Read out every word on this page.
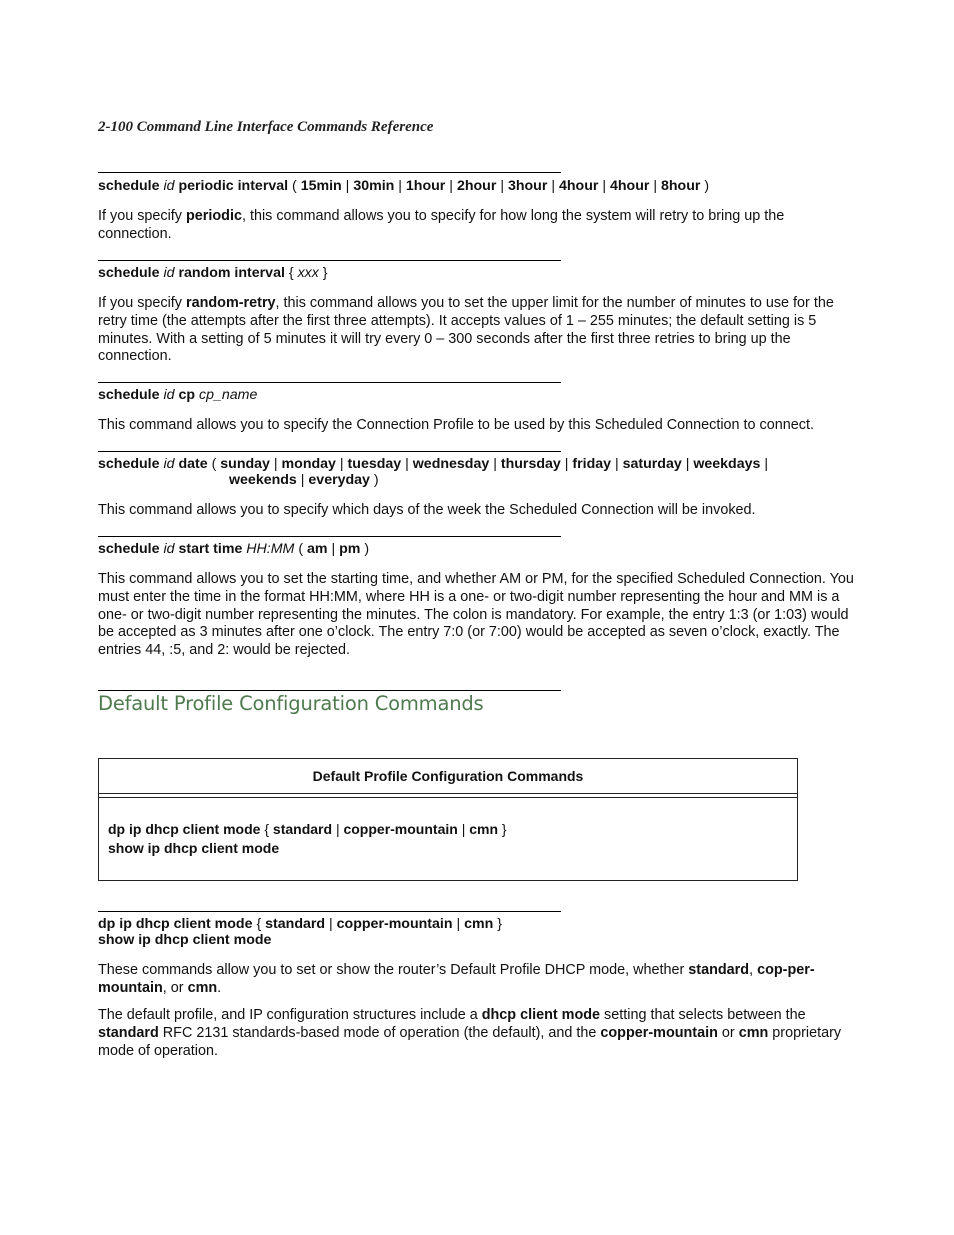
2-100 Command Line Interface Commands Reference
schedule id periodic interval ( 15min | 30min | 1hour | 2hour | 3hour | 4hour | 4hour | 8hour )
If you specify periodic, this command allows you to specify for how long the system will retry to bring up the connection.
schedule id random interval { xxx }
If you specify random-retry, this command allows you to set the upper limit for the number of minutes to use for the retry time (the attempts after the first three attempts). It accepts values of 1 – 255 minutes; the default setting is 5 minutes. With a setting of 5 minutes it will try every 0 – 300 seconds after the first three retries to bring up the connection.
schedule id cp cp_name
This command allows you to specify the Connection Profile to be used by this Scheduled Connection to connect.
schedule id date ( sunday | monday | tuesday | wednesday | thursday | friday | saturday | weekdays |
weekends | everyday )
This command allows you to specify which days of the week the Scheduled Connection will be invoked.
schedule id start time HH:MM ( am | pm )
This command allows you to set the starting time, and whether AM or PM, for the specified Scheduled Connection. You must enter the time in the format HH:MM, where HH is a one- or two-digit number representing the hour and MM is a one- or two-digit number representing the minutes. The colon is mandatory. For example, the entry 1:3 (or 1:03) would be accepted as 3 minutes after one o’clock. The entry 7:0 (or 7:00) would be accepted as seven o’clock, exactly. The entries 44, :5, and 2: would be rejected.
Default Profile Configuration Commands
Default Profile Configuration Commands
dp ip dhcp client mode { standard | copper-mountain | cmn }
show ip dhcp client mode
dp ip dhcp client mode { standard | copper-mountain | cmn }
show ip dhcp client mode
These commands allow you to set or show the router’s Default Profile DHCP mode, whether standard, cop-per-mountain, or cmn.
The default profile, and IP configuration structures include a dhcp client mode setting that selects between the standard RFC 2131 standards-based mode of operation (the default), and the copper-mountain or cmn proprietary mode of operation.
